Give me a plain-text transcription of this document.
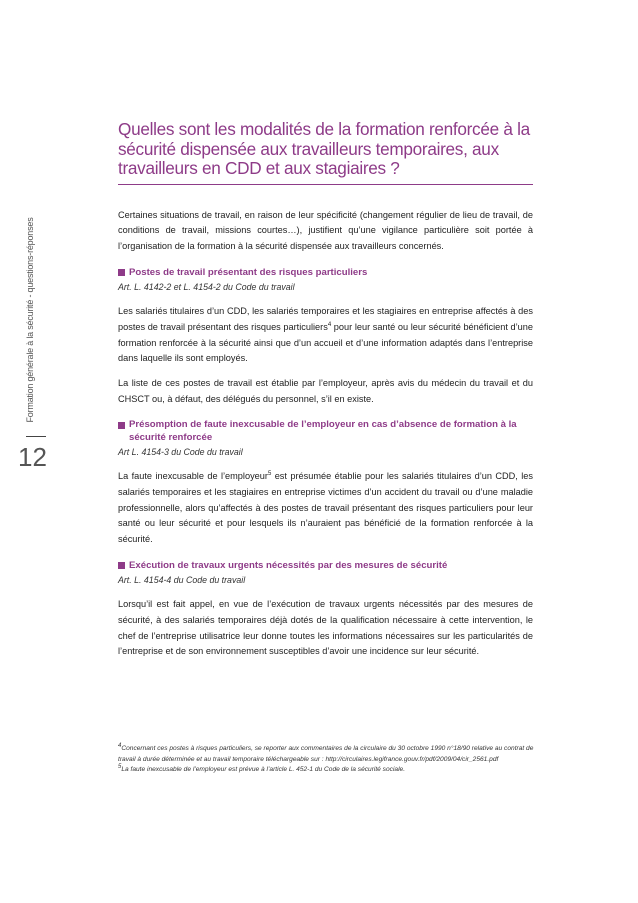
Formation générale à la sécurité - questions-réponses
12
Quelles sont les modalités de la formation renforcée à la sécurité dispensée aux travailleurs temporaires, aux travailleurs en CDD et aux stagiaires ?

Certaines situations de travail, en raison de leur spécificité (changement régulier de lieu de travail, de conditions de travail, missions courtes…), justifient qu’une vigilance particulière soit portée à l’organisation de la formation à la sécurité dispensée aux travailleurs concernés.

Postes de travail présentant des risques particuliers
Art. L. 4142-2 et L. 4154-2 du Code du travail

Les salariés titulaires d’un CDD, les salariés temporaires et les stagiaires en entreprise affectés à des postes de travail présentant des risques particuliers$^4$ pour leur santé ou leur sécurité bénéficient d’une formation renforcée à la sécurité ainsi que d’un accueil et d’une information adaptés dans l’entreprise dans laquelle ils sont employés.

La liste de ces postes de travail est établie par l’employeur, après avis du médecin du travail et du CHSCT ou, à défaut, des délégués du personnel, s’il en existe.

Présomption de faute inexcusable de l’employeur en cas d’absence de formation à la sécurité renforcée
Art L. 4154-3 du Code du travail

La faute inexcusable de l’employeur$^5$ est présumée établie pour les salariés titulaires d’un CDD, les salariés temporaires et les stagiaires en entreprise victimes d’un accident du travail ou d’une maladie professionnelle, alors qu’affectés à des postes de travail présentant des risques particuliers pour leur santé ou leur sécurité et pour lesquels ils n’auraient pas bénéficié de la formation renforcée à la sécurité.

Exécution de travaux urgents nécessités par des mesures de sécurité
Art. L. 4154-4 du Code du travail

Lorsqu’il est fait appel, en vue de l’exécution de travaux urgents nécessités par des mesures de sécurité, à des salariés temporaires déjà dotés de la qualification nécessaire à cette intervention, le chef de l’entreprise utilisatrice leur donne toutes les informations nécessaires sur les particularités de l’entreprise et de son environnement susceptibles d’avoir une incidence sur leur sécurité.

$^4$Concernant ces postes à risques particuliers, se reporter aux commentaires de la circulaire du 30 octobre 1990 n°18/90 relative au contrat de travail à durée déterminée et au travail temporaire téléchargeable sur : http://circulaires.legifrance.gouv.fr/pdf/2009/04/cir_2561.pdf
$^5$La faute inexcusable de l’employeur est prévue à l’article L. 452-1 du Code de la sécurité sociale.
